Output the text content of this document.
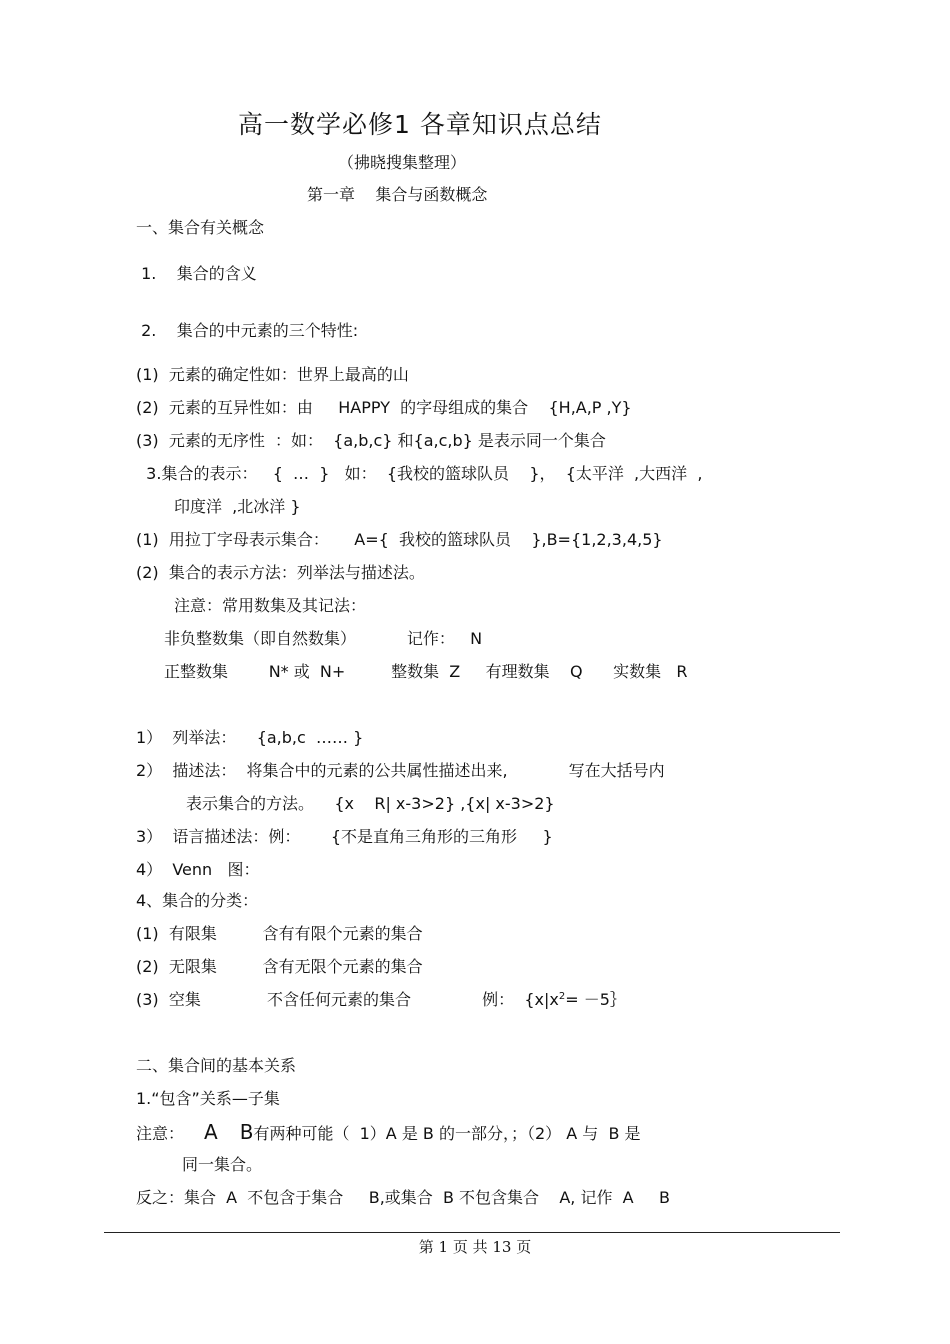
高一数学必修1 各章知识点总结
（拂晓搜集整理）
第一章    集合与函数概念
一、集合有关概念
1.    集合的含义
2.    集合的中元素的三个特性:
(1)  元素的确定性如：世界上最高的山
(2)  元素的互异性如：由     HAPPY  的字母组成的集合    {H,A,P ,Y}
(3)  元素的无序性  ：如：  {a,b,c} 和{a,c,b} 是表示同一个集合
3.集合的表示：   {  …  }   如：  {我校的篮球队员    }，  {太平洋  ,大西洋  ,
印度洋  ,北冰洋 }
(1)  用拉丁字母表示集合：     A={  我校的篮球队员    },B={1,2,3,4,5}
(2)  集合的表示方法：列举法与描述法。
注意：常用数集及其记法：
非负整数集（即自然数集）          记作：   N
正整数集        N* 或  N+         整数集  Z     有理数集    Q      实数集   R
1）  列举法：    {a,b,c  …… }
2）  描述法：  将集合中的元素的公共属性描述出来,            写在大括号内
表示集合的方法。    {x    R| x-3>2} ,{x| x-3>2}
3）  语言描述法：例：      {不是直角三角形的三角形     }
4）  Venn   图：
4、集合的分类：
(1)  有限集         含有有限个元素的集合
(2)  无限集         含有无限个元素的集合
(3)  空集             不含任何元素的集合              例：  {$x|x^2=$ －5｝
二、集合间的基本关系
1.“包含”关系—子集
注意： A B有两种可能（  1）A 是 B 的一部分，；（2） A 与  B 是
同一集合。
反之：集合  A  不包含于集合     B,或集合  B 不包含集合    A, 记作  A     B
第 1 页 共 13 页
